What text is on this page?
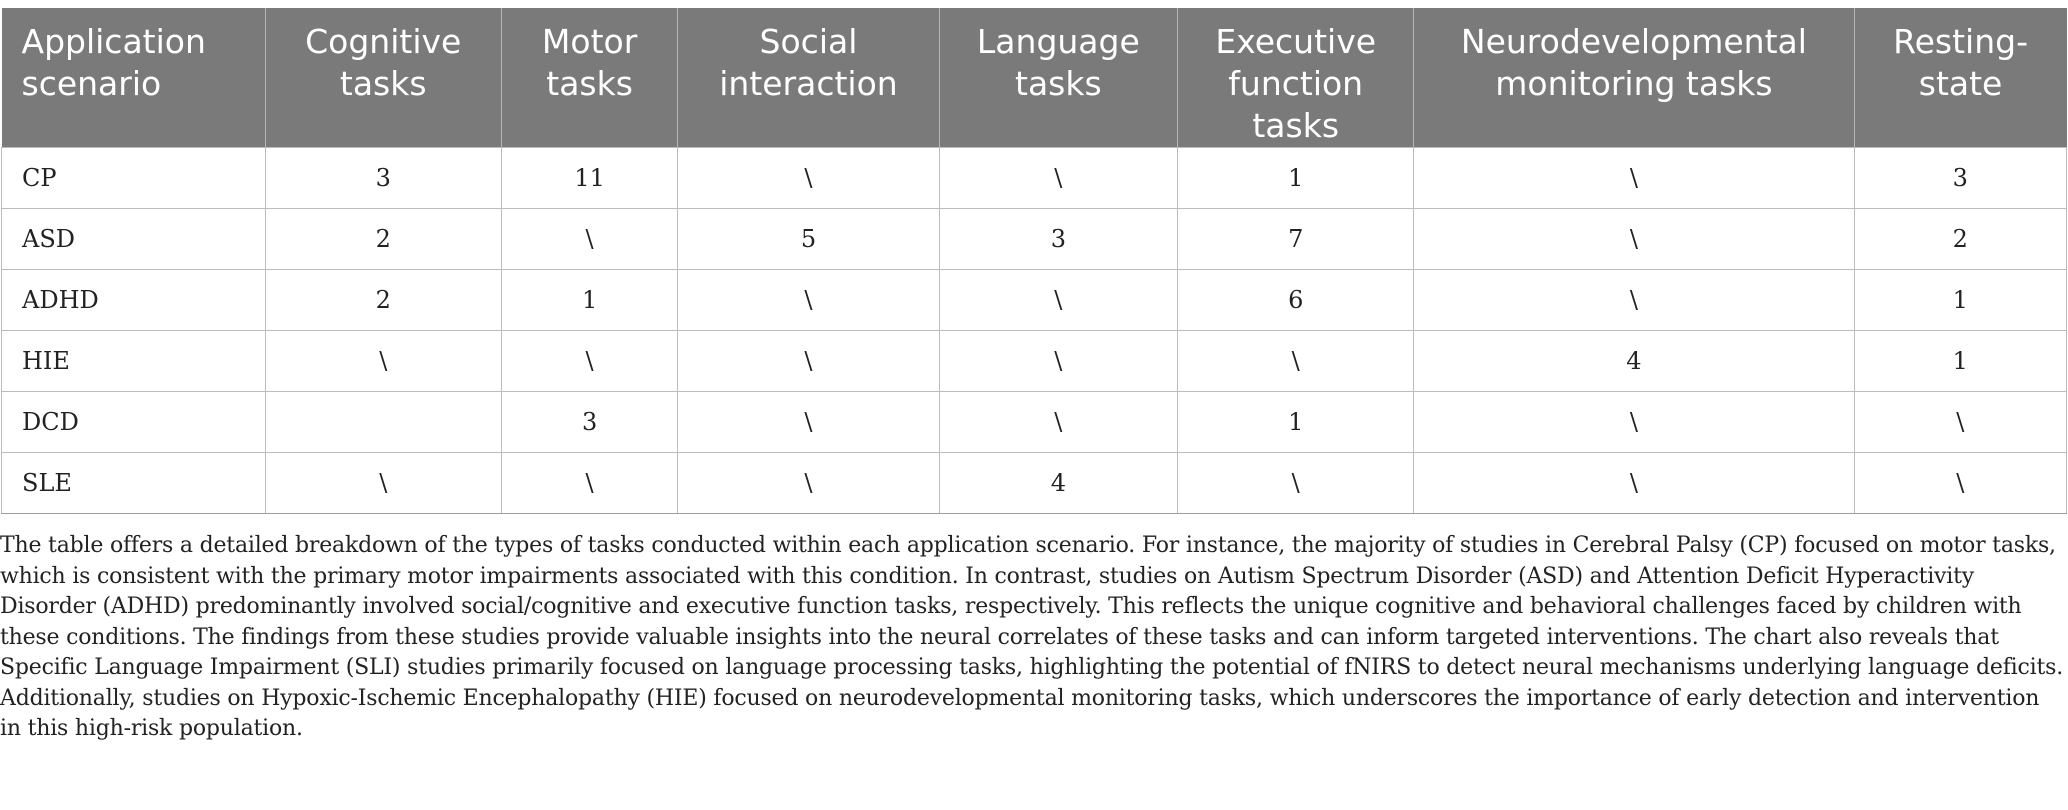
Application scenario	Cognitive tasks	Motor tasks	Social interaction	Language tasks	Executive function tasks	Neurodevelopmental monitoring tasks	Resting-state
CP	3	11	\	\	1	\	3
ASD	2	\	5	3	7	\	2
ADHD	2	1	\	\	6	\	1
HIE	\	\	\	\	\	4	1
DCD		3	\	\	1	\	\
SLE	\	\	\	4	\	\	\

The table offers a detailed breakdown of the types of tasks conducted within each application scenario. For instance, the majority of studies in Cerebral Palsy (CP) focused on motor tasks, which is consistent with the primary motor impairments associated with this condition. In contrast, studies on Autism Spectrum Disorder (ASD) and Attention Deficit Hyperactivity Disorder (ADHD) predominantly involved social/cognitive and executive function tasks, respectively. This reflects the unique cognitive and behavioral challenges faced by children with these conditions. The findings from these studies provide valuable insights into the neural correlates of these tasks and can inform targeted interventions. The chart also reveals that Specific Language Impairment (SLI) studies primarily focused on language processing tasks, highlighting the potential of fNIRS to detect neural mechanisms underlying language deficits. Additionally, studies on Hypoxic-Ischemic Encephalopathy (HIE) focused on neurodevelopmental monitoring tasks, which underscores the importance of early detection and intervention in this high-risk population.
